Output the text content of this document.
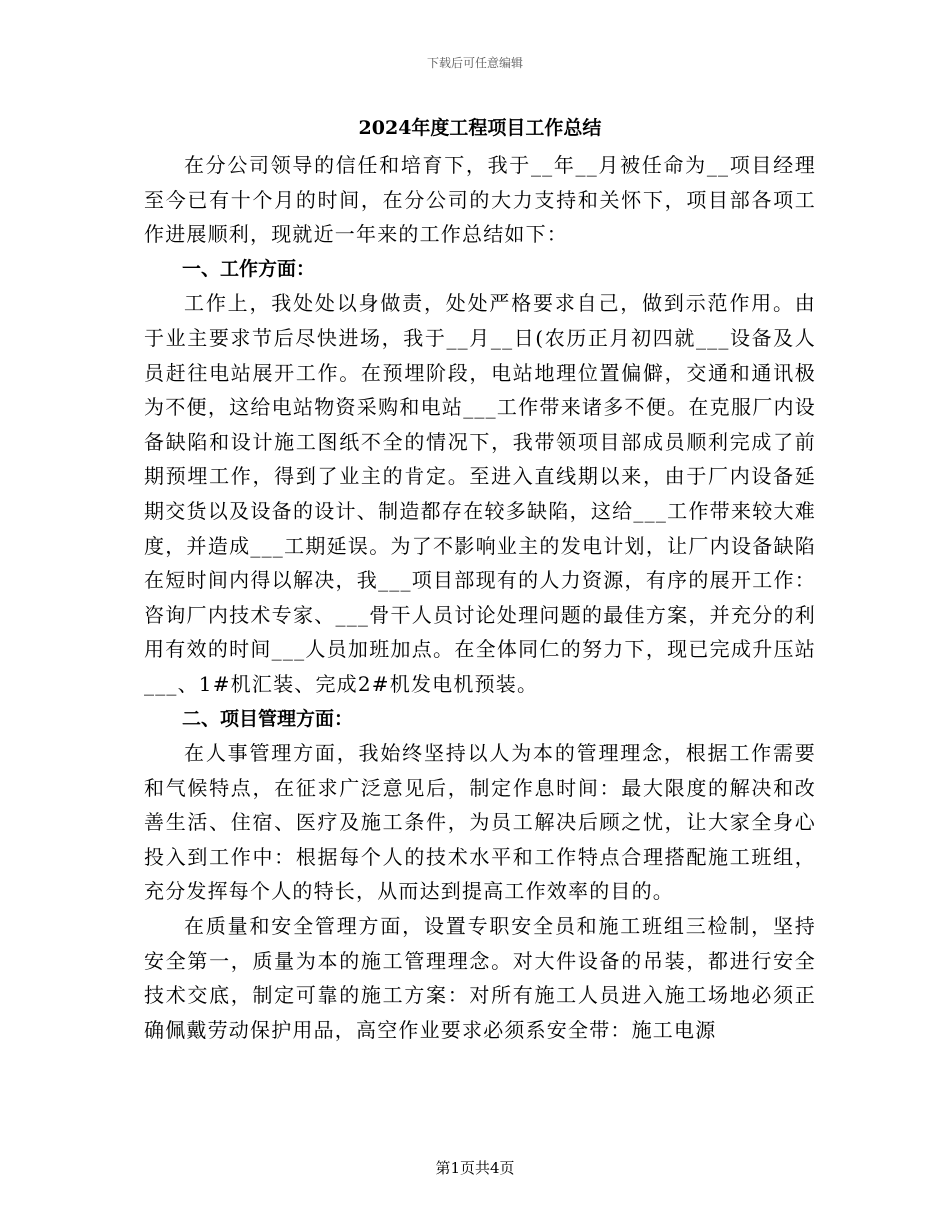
下载后可任意编辑
2024年度工程项目工作总结

在分公司领导的信任和培育下，我于__年__月被任命为__项目经理至今已有十个月的时间，在分公司的大力支持和关怀下，项目部各项工作进展顺利，现就近一年来的工作总结如下：

一、工作方面：

工作上，我处处以身做责，处处严格要求自己，做到示范作用。由于业主要求节后尽快进场，我于__月__日(农历正月初四就___设备及人员赶往电站展开工作。在预埋阶段，电站地理位置偏僻，交通和通讯极为不便，这给电站物资采购和电站___工作带来诸多不便。在克服厂内设备缺陷和设计施工图纸不全的情况下，我带领项目部成员顺利完成了前期预埋工作，得到了业主的肯定。至进入直线期以来，由于厂内设备延期交货以及设备的设计、制造都存在较多缺陷，这给___工作带来较大难度，并造成___工期延误。为了不影响业主的发电计划，让厂内设备缺陷在短时间内得以解决，我___项目部现有的人力资源，有序的展开工作：咨询厂内技术专家、___骨干人员讨论处理问题的最佳方案，并充分的利用有效的时间___人员加班加点。在全体同仁的努力下，现已完成升压站___、1#机汇装、完成2#机发电机预装。

二、项目管理方面：

在人事管理方面，我始终坚持以人为本的管理理念，根据工作需要和气候特点，在征求广泛意见后，制定作息时间：最大限度的解决和改善生活、住宿、医疗及施工条件，为员工解决后顾之忧，让大家全身心投入到工作中：根据每个人的技术水平和工作特点合理搭配施工班组，充分发挥每个人的特长，从而达到提高工作效率的目的。

在质量和安全管理方面，设置专职安全员和施工班组三检制，坚持安全第一，质量为本的施工管理理念。对大件设备的吊装，都进行安全技术交底，制定可靠的施工方案：对所有施工人员进入施工场地必须正确佩戴劳动保护用品，高空作业要求必须系安全带：施工电源

第1页共4页
